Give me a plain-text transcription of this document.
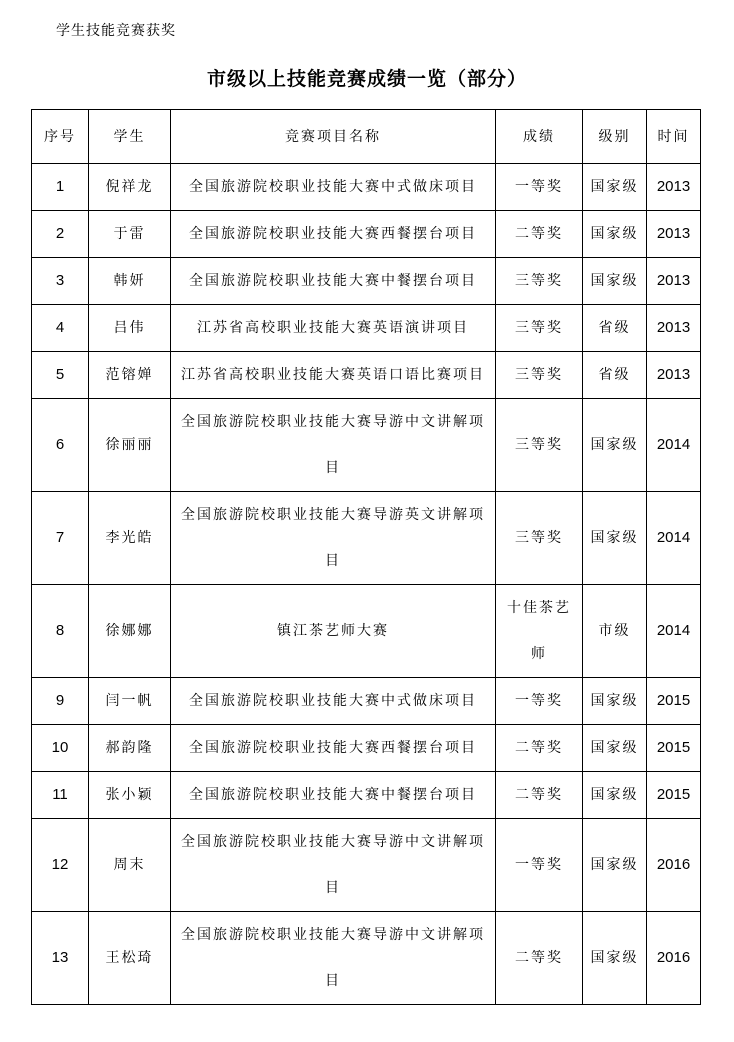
学生技能竞赛获奖
市级以上技能竞赛成绩一览（部分）
序号	学生	竞赛项目名称	成绩	级别	时间
1	倪祥龙	全国旅游院校职业技能大赛中式做床项目	一等奖	国家级	2013
2	于雷	全国旅游院校职业技能大赛西餐摆台项目	二等奖	国家级	2013
3	韩妍	全国旅游院校职业技能大赛中餐摆台项目	三等奖	国家级	2013
4	吕伟	江苏省高校职业技能大赛英语演讲项目	三等奖	省级	2013
5	范镕婵	江苏省高校职业技能大赛英语口语比赛项目	三等奖	省级	2013
6	徐丽丽	全国旅游院校职业技能大赛导游中文讲解项目	三等奖	国家级	2014
7	李光皓	全国旅游院校职业技能大赛导游英文讲解项目	三等奖	国家级	2014
8	徐娜娜	镇江茶艺师大赛	十佳茶艺师	市级	2014
9	闫一帆	全国旅游院校职业技能大赛中式做床项目	一等奖	国家级	2015
10	郝韵隆	全国旅游院校职业技能大赛西餐摆台项目	二等奖	国家级	2015
11	张小颖	全国旅游院校职业技能大赛中餐摆台项目	二等奖	国家级	2015
12	周末	全国旅游院校职业技能大赛导游中文讲解项目	一等奖	国家级	2016
13	王松琦	全国旅游院校职业技能大赛导游中文讲解项目	二等奖	国家级	2016
